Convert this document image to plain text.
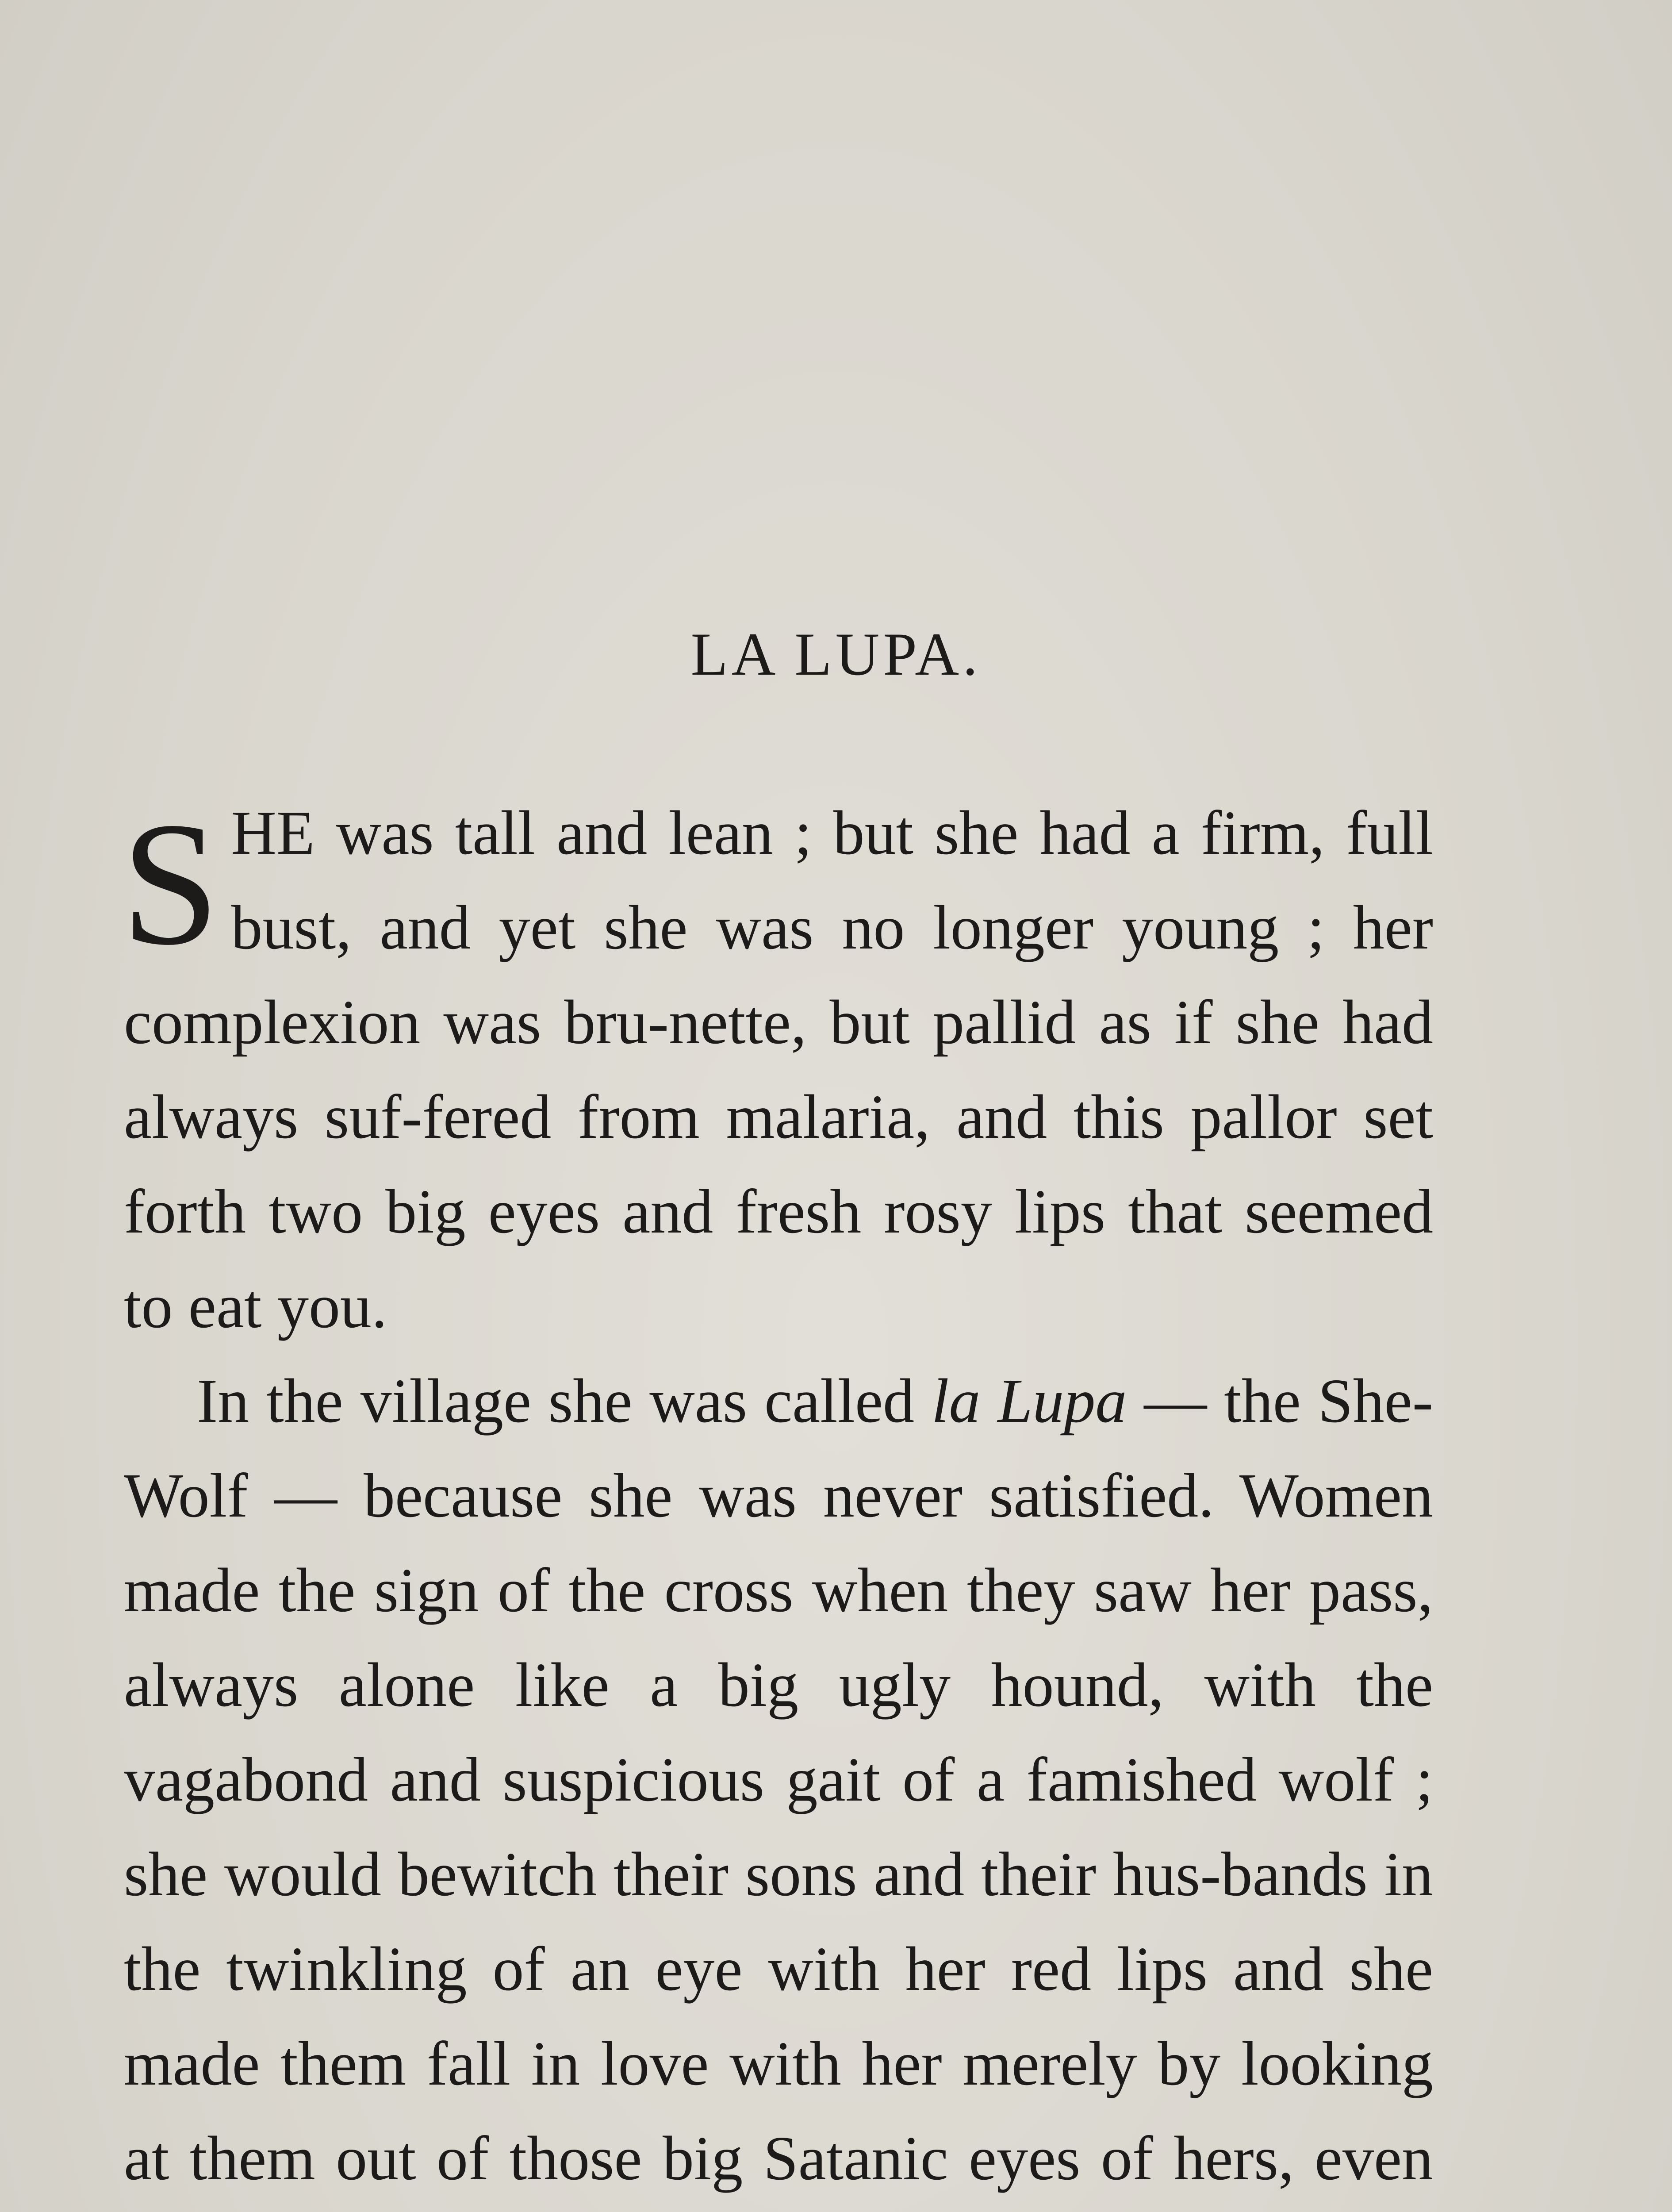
LA LUPA.

SHE was tall and lean ; but she had a firm, full bust, and yet she was no longer young ; her complexion was bru-nette, but pallid as if she had always suf-fered from malaria, and this pallor set forth two big eyes and fresh rosy lips that seemed to eat you.

In the village she was called la Lupa — the She-Wolf — because she was never satisfied. Women made the sign of the cross when they saw her pass, always alone like a big ugly hound, with the vagabond and suspicious gait of a famished wolf ; she would bewitch their sons and their hus-bands in the twinkling of an eye with her red lips and she made them fall in love with her merely by looking at them out of those big Satanic eyes of hers, even
